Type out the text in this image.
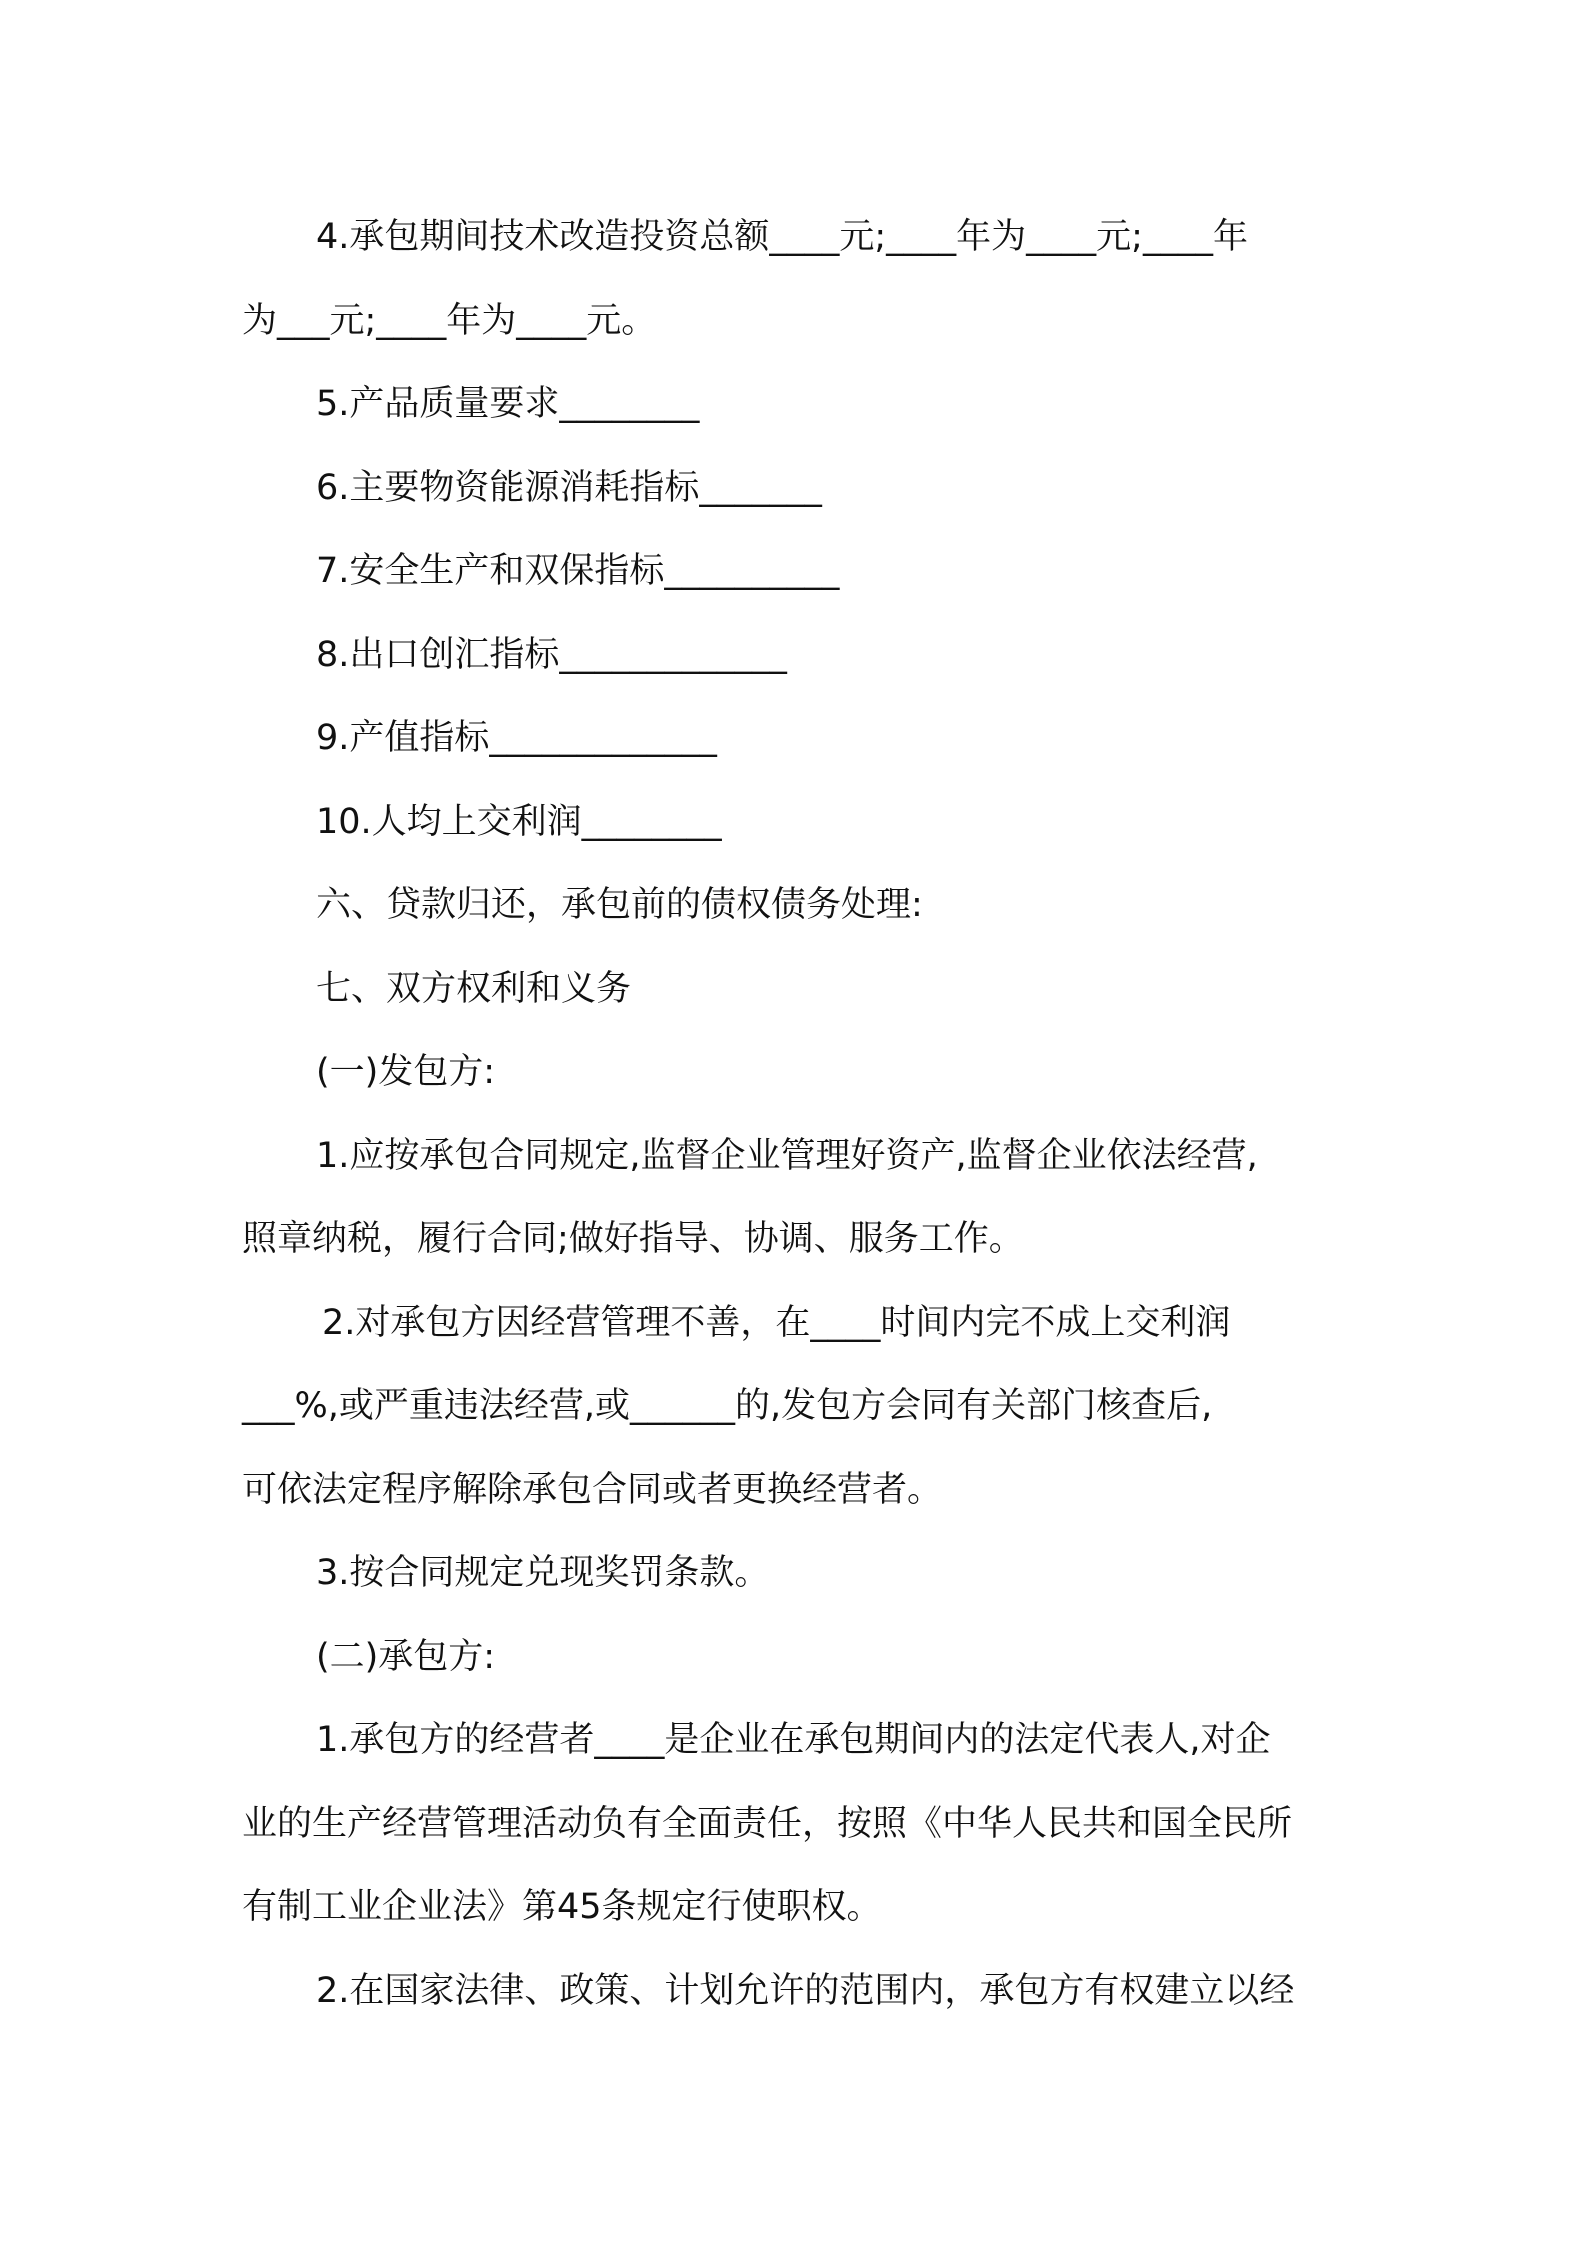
4.承包期间技术改造投资总额____元;____年为____元;____年

为___元;____年为____元。

5.产品质量要求________

6.主要物资能源消耗指标_______

7.安全生产和双保指标__________

8.出口创汇指标_____________

9.产值指标_____________

10.人均上交利润________

六、贷款归还，承包前的债权债务处理:

七、双方权利和义务

(一)发包方:

1.应按承包合同规定,监督企业管理好资产,监督企业依法经营,

照章纳税，履行合同;做好指导、协调、服务工作。

2.对承包方因经营管理不善，在____时间内完不成上交利润

___%,或严重违法经营,或______的,发包方会同有关部门核查后,

可依法定程序解除承包合同或者更换经营者。

3.按合同规定兑现奖罚条款。

(二)承包方:

1.承包方的经营者____是企业在承包期间内的法定代表人,对企

业的生产经营管理活动负有全面责任，按照《中华人民共和国全民所

有制工业企业法》第45条规定行使职权。

2.在国家法律、政策、计划允许的范围内，承包方有权建立以经
